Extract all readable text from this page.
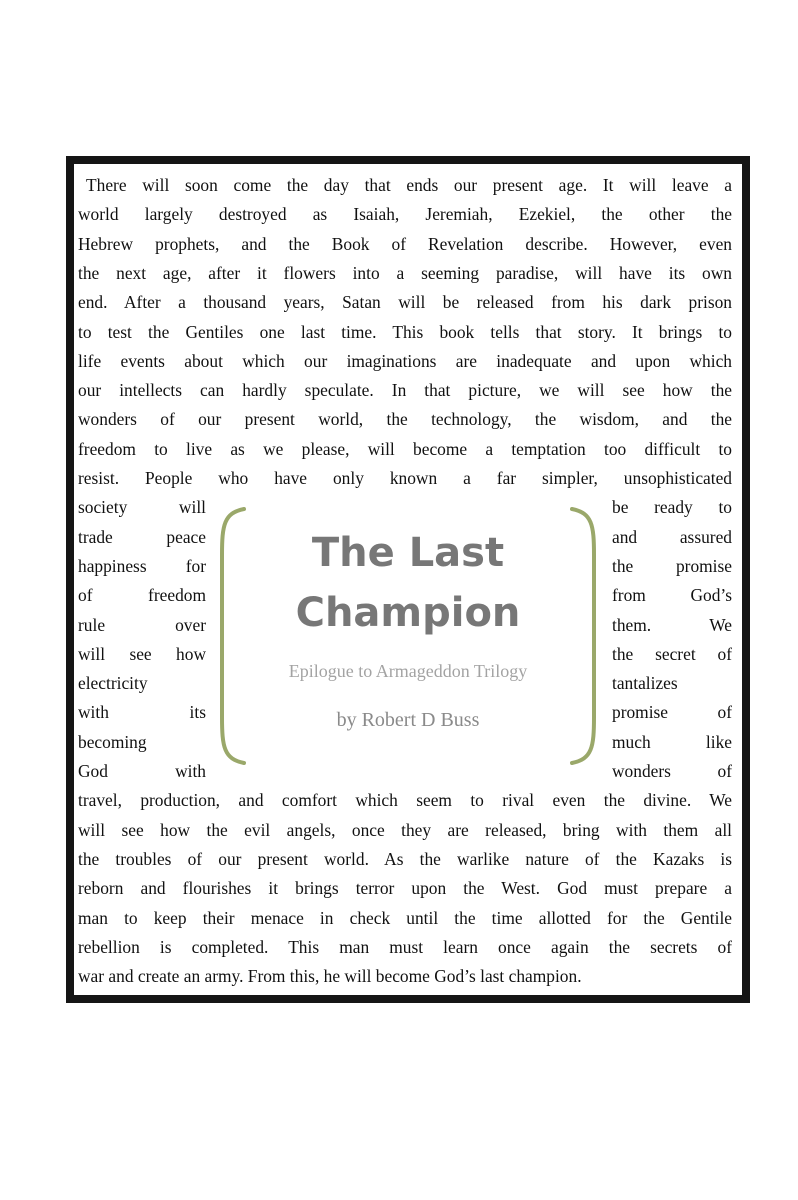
There will soon come the day that ends our present age. It will leave a
world largely destroyed as Isaiah, Jeremiah, Ezekiel, the other the
Hebrew prophets, and the Book of Revelation describe. However, even
the next age, after it flowers into a seeming paradise, will have its own
end. After a thousand years, Satan will be released from his dark prison
to test the Gentiles one last time. This book tells that story. It brings to
life events about which our imaginations are inadequate and upon which
our intellects can hardly speculate. In that picture, we will see how the
wonders of our present world, the technology, the wisdom, and the
freedom to live as we please, will become a temptation too difficult to
resist. People who have only known a far simpler, unsophisticated
society will	be ready to
trade peace	and assured
happiness for	the promise
of freedom	from God’s
rule over	them. We
will see how	the secret of
electricity	tantalizes
with its	promise of
becoming	much like
God with	wonders of
travel, production, and comfort which seem to rival even the divine. We
will see how the evil angels, once they are released, bring with them all
the troubles of our present world. As the warlike nature of the Kazaks is
reborn and flourishes it brings terror upon the West. God must prepare a
man to keep their menace in check until the time allotted for the Gentile
rebellion is completed. This man must learn once again the secrets of
war and create an army. From this, he will become God’s last champion.
The Last
Champion
Epilogue to Armageddon Trilogy
by Robert D Buss
